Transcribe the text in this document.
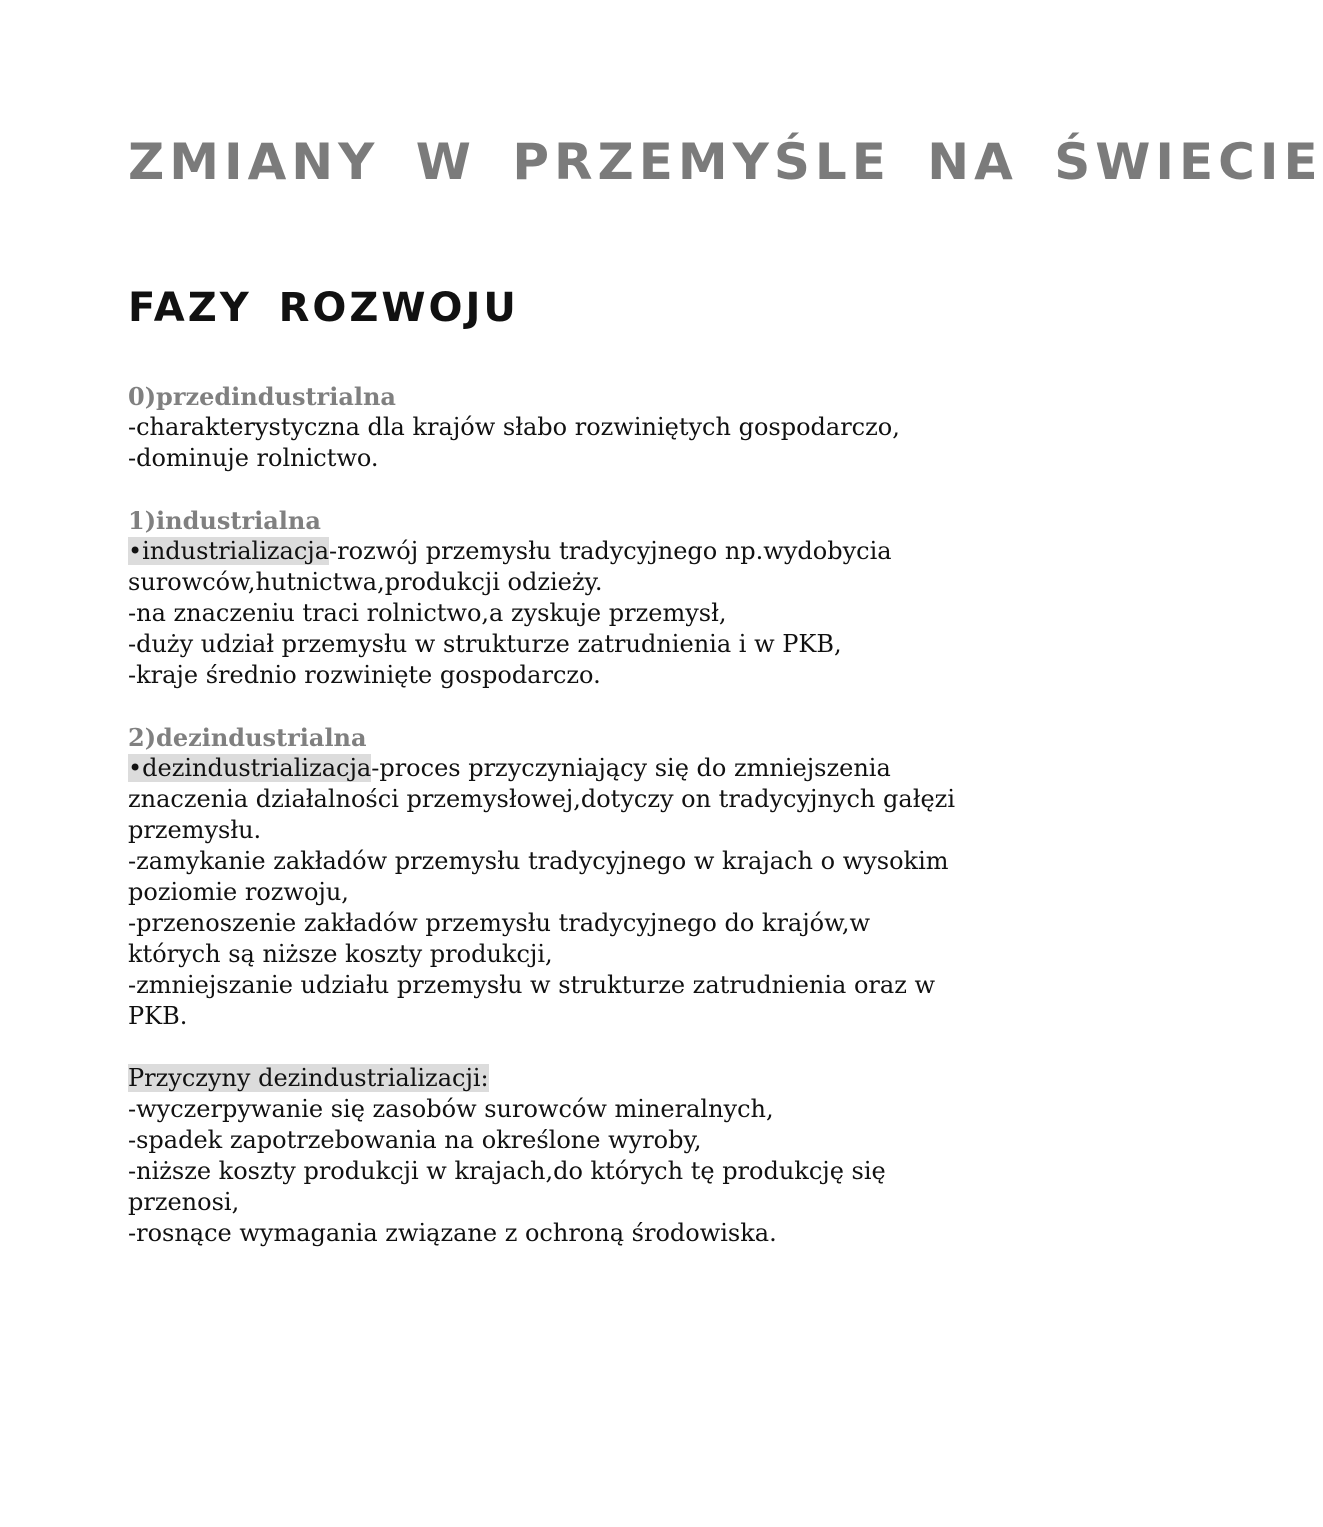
ZMIANY W PRZEMYŚLE NA ŚWIECIE
FAZY ROZWOJU
0)przedindustrialna
-charakterystyczna dla krajów słabo rozwiniętych gospodarczo,
-dominuje rolnictwo.
1)industrialna
•industrializacja-rozwój przemysłu tradycyjnego np.wydobycia
surowców,hutnictwa,produkcji odzieży.
-na znaczeniu traci rolnictwo,a zyskuje przemysł,
-duży udział przemysłu w strukturze zatrudnienia i w PKB,
-kraje średnio rozwinięte gospodarczo.
2)dezindustrialna
•dezindustrializacja-proces przyczyniający się do zmniejszenia
znaczenia działalności przemysłowej,dotyczy on tradycyjnych gałęzi
przemysłu.
-zamykanie zakładów przemysłu tradycyjnego w krajach o wysokim
poziomie rozwoju,
-przenoszenie zakładów przemysłu tradycyjnego do krajów,w
których są niższe koszty produkcji,
-zmniejszanie udziału przemysłu w strukturze zatrudnienia oraz w
PKB.
Przyczyny dezindustrializacji:
-wyczerpywanie się zasobów surowców mineralnych,
-spadek zapotrzebowania na określone wyroby,
-niższe koszty produkcji w krajach,do których tę produkcję się
przenosi,
-rosnące wymagania związane z ochroną środowiska.
